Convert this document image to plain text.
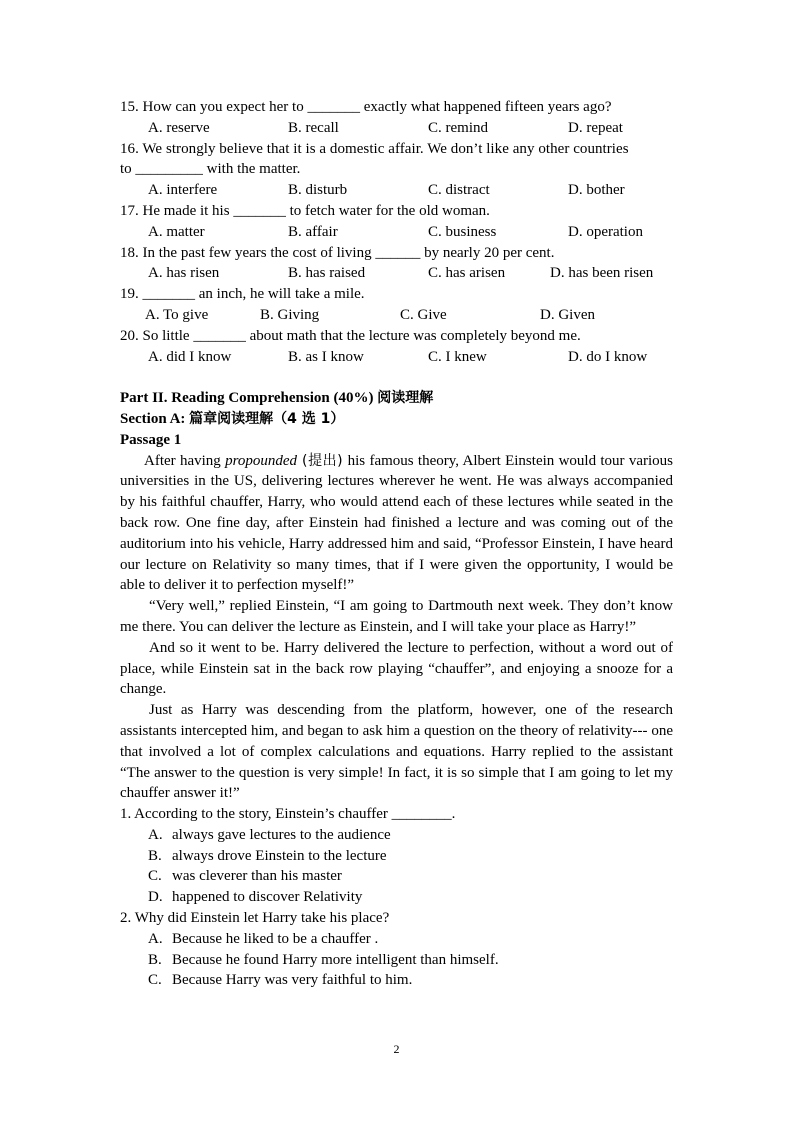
15. How can you expect her to _______ exactly what happened fifteen years ago?
A. reserve	B. recall	C. remind	D. repeat
16. We strongly believe that it is a domestic affair. We don’t like any other countries
to _________ with the matter.
A. interfere	B. disturb	C. distract	D. bother
17. He made it his _______ to fetch water for the old woman.
A. matter	B. affair	C. business	D. operation
18. In the past few years the cost of living ______ by nearly 20 per cent.
A. has risen	B. has raised	C. has arisen	D. has been risen
19. _______ an inch, he will take a mile.
A. To give	B. Giving	C. Give	D. Given
20. So little _______ about math that the lecture was completely beyond me.
A. did I know	B. as I know	C. I knew	D. do I know
Part II. Reading Comprehension (40%) 阅读理解
Section A: 篇章阅读理解（4 选 1）
Passage 1

After having propounded (提出) his famous theory, Albert Einstein would tour various universities in the US, delivering lectures wherever he went. He was always accompanied by his faithful chauffer, Harry, who would attend each of these lectures while seated in the back row. One fine day, after Einstein had finished a lecture and was coming out of the auditorium into his vehicle, Harry addressed him and said, “Professor Einstein, I have heard our lecture on Relativity so many times, that if I were given the opportunity, I would be able to deliver it to perfection myself!”

“Very well,” replied Einstein, “I am going to Dartmouth next week. They don’t know me there. You can deliver the lecture as Einstein, and I will take your place as Harry!”

And so it went to be. Harry delivered the lecture to perfection, without a word out of place, while Einstein sat in the back row playing “chauffer”, and enjoying a snooze for a change.

Just as Harry was descending from the platform, however, one of the research assistants intercepted him, and began to ask him a question on the theory of relativity--- one that involved a lot of complex calculations and equations. Harry replied to the assistant “The answer to the question is very simple! In fact, it is so simple that I am going to let my chauffer answer it!”

1. According to the story, Einstein’s chauffer ________.
A. always gave lectures to the audience
B. always drove Einstein to the lecture
C. was cleverer than his master
D. happened to discover Relativity
2. Why did Einstein let Harry take his place?
A. Because he liked to be a chauffer .
B. Because he found Harry more intelligent than himself.
C. Because Harry was very faithful to him.
2
